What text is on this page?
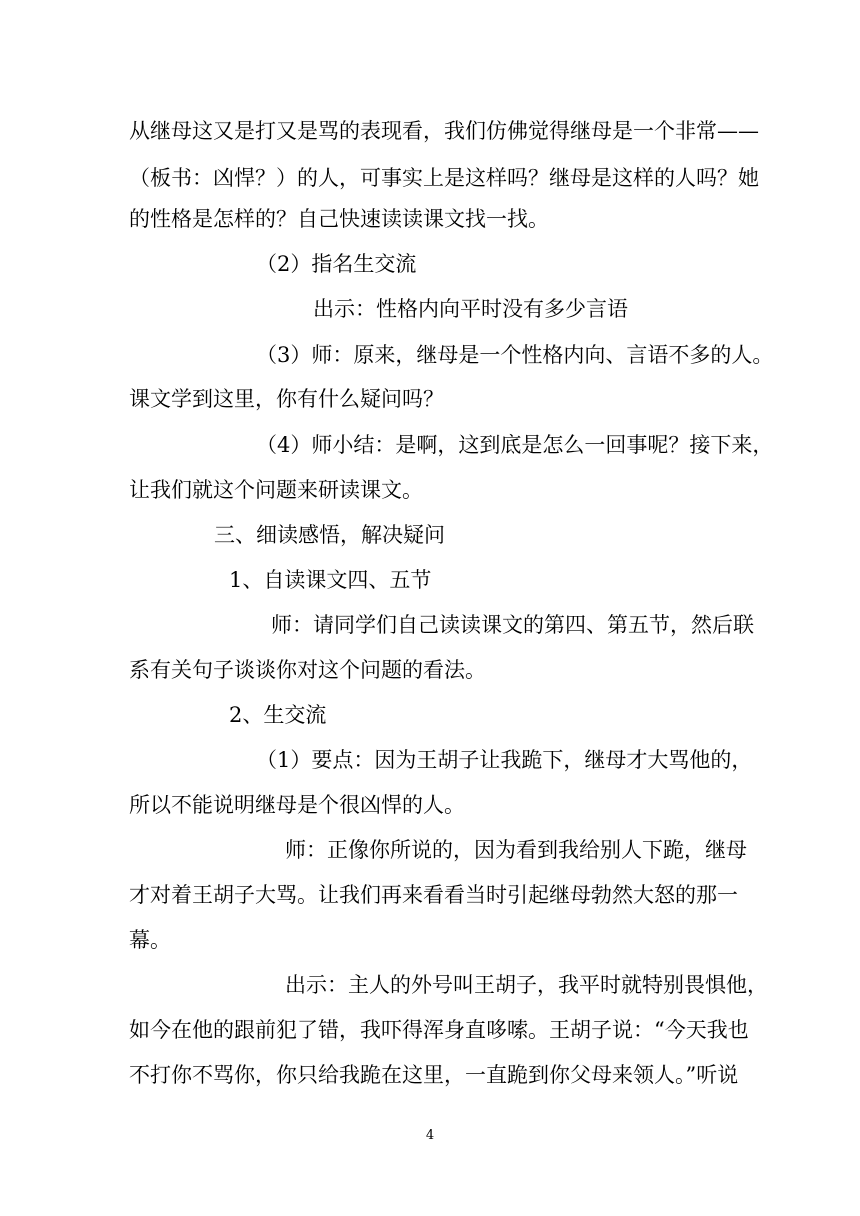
从继母这又是打又是骂的表现看，我们仿佛觉得继母是一个非常——
（板书：凶悍？）的人，可事实上是这样吗？继母是这样的人吗？她
的性格是怎样的？自己快速读读课文找一找。
（2）指名生交流
出示：性格内向平时没有多少言语
（3）师：原来，继母是一个性格内向、言语不多的人。
课文学到这里，你有什么疑问吗？
（4）师小结：是啊，这到底是怎么一回事呢？接下来，
让我们就这个问题来研读课文。
三、细读感悟，解决疑问
1、自读课文四、五节
师：请同学们自己读读课文的第四、第五节，然后联
系有关句子谈谈你对这个问题的看法。
2、生交流
（1）要点：因为王胡子让我跪下，继母才大骂他的，
所以不能说明继母是个很凶悍的人。
师：正像你所说的，因为看到我给别人下跪，继母
才对着王胡子大骂。让我们再来看看当时引起继母勃然大怒的那一
幕。
出示：主人的外号叫王胡子，我平时就特别畏惧他，
如今在他的跟前犯了错，我吓得浑身直哆嗦。王胡子说：“今天我也
不打你不骂你，你只给我跪在这里，一直跪到你父母来领人。”听说
4
